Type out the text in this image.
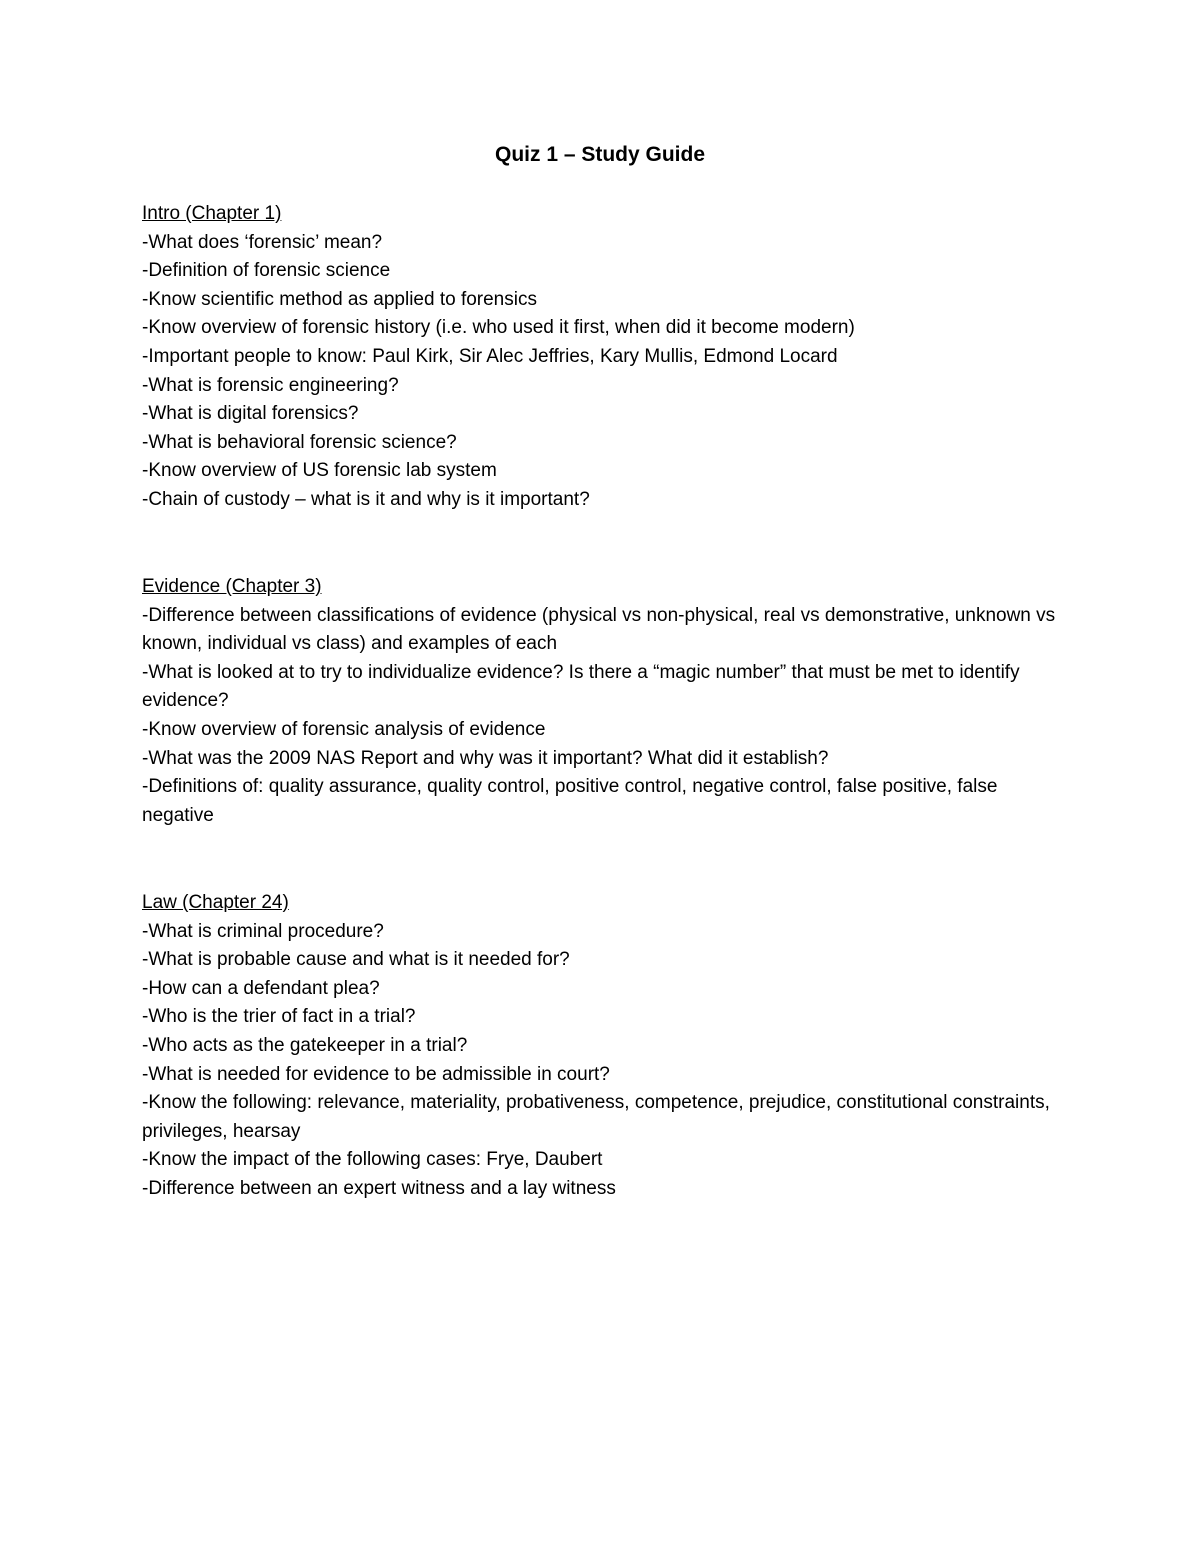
Quiz 1 – Study Guide

Intro (Chapter 1)

-What does ‘forensic’ mean?

-Definition of forensic science

-Know scientific method as applied to forensics

-Know overview of forensic history (i.e. who used it first, when did it become modern)

-Important people to know: Paul Kirk, Sir Alec Jeffries, Kary Mullis, Edmond Locard

-What is forensic engineering?

-What is digital forensics?

-What is behavioral forensic science?

-Know overview of US forensic lab system

-Chain of custody – what is it and why is it important?

Evidence (Chapter 3)

-Difference between classifications of evidence (physical vs non-physical, real vs demonstrative, unknown vs known, individual vs class) and examples of each

-What is looked at to try to individualize evidence? Is there a “magic number” that must be met to identify evidence?

-Know overview of forensic analysis of evidence

-What was the 2009 NAS Report and why was it important? What did it establish?

-Definitions of: quality assurance, quality control, positive control, negative control, false positive, false negative

Law (Chapter 24)

-What is criminal procedure?

-What is probable cause and what is it needed for?

-How can a defendant plea?

-Who is the trier of fact in a trial?

-Who acts as the gatekeeper in a trial?

-What is needed for evidence to be admissible in court?

-Know the following: relevance, materiality, probativeness, competence, prejudice, constitutional constraints, privileges, hearsay

-Know the impact of the following cases: Frye, Daubert

-Difference between an expert witness and a lay witness
